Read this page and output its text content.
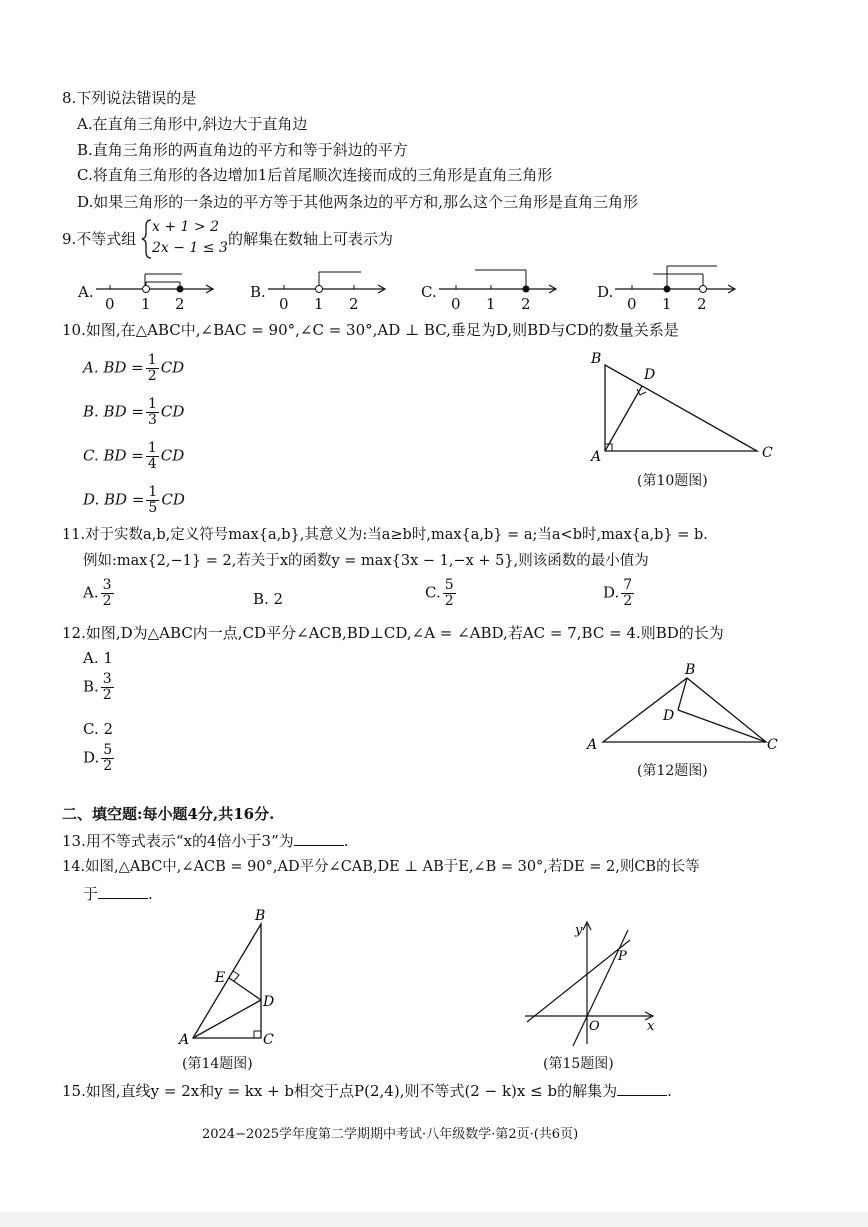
8.下列说法错误的是
A.在直角三角形中,斜边大于直角边
B.直角三角形的两直角边的平方和等于斜边的平方
C.将直角三角形的各边增加1后首尾顺次连接而成的三角形是直角三角形
D.如果三角形的一条边的平方等于其他两条边的平方和,那么这个三角形是直角三角形
9.不等式组
x + 1 > 2
2x − 1 ≤ 3 的解集在数轴上可表示为
A.
0 1 2
B.
0 1 2
C.
0 1 2
D.
0 1 2
10.如图,在△ABC中,∠BAC = 90°,∠C = 30°,AD ⊥ BC,垂足为D,则BD与CD的数量关系是
A. BD = $\frac{1}{2}$ CD
B. BD = $\frac{1}{3}$ CD
C. BD = $\frac{1}{4}$ CD
D. BD = $\frac{1}{5}$ CD
B
D
A	C
(第10题图)
11.对于实数a,b,定义符号max{a,b},其意义为:当a≥b时,max{a,b} = a;当a<b时,max{a,b} = b.
例如:max{2,−1} = 2,若关于x的函数y = max{3x − 1,−x + 5},则该函数的最小值为
A. $\frac{3}{2}$	B. 2	C. $\frac{5}{2}$	D. $\frac{7}{2}$
12.如图,D为△ABC内一点,CD平分∠ACB,BD⊥CD,∠A = ∠ABD,若AC = 7,BC = 4.则BD的长为
A. 1
B. $\frac{3}{2}$
C. 2
D. $\frac{5}{2}$
B
D
A	C
(第12题图)
二、填空题:每小题4分,共16分.
13.用不等式表示“x的4倍小于3”为	.
14.如图,△ABC中,∠ACB = 90°,AD平分∠CAB,DE ⊥ AB于E,∠B = 30°,若DE = 2,则CB的长等
于	.
B
E
D
A	C
(第14题图)
y
x
O
P
(第15题图)
15.如图,直线y = 2x和y = kx + b相交于点P(2,4),则不等式(2 − k)x ≤ b的解集为	.
2024−2025学年度第二学期期中考试·八年级数学·第2页·(共6页)
